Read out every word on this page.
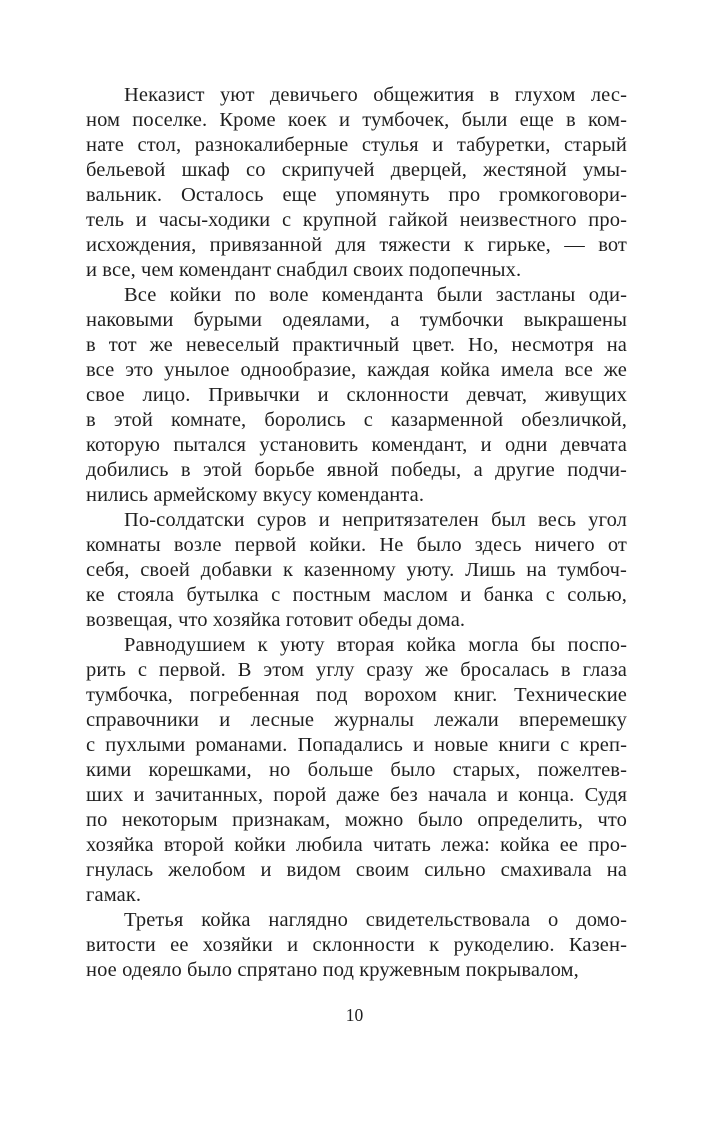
Неказист уют девичьего общежития в глухом лес-
ном поселке. Кроме коек и тумбочек, были еще в ком-
нате стол, разнокалиберные стулья и табуретки, старый
бельевой шкаф со скрипучей дверцей, жестяной умы-
вальник. Осталось еще упомянуть про громкоговори-
тель и часы-ходики с крупной гайкой неизвестного про-
исхождения, привязанной для тяжести к гирьке, — вот
и все, чем комендант снабдил своих подопечных.
Все койки по воле коменданта были застланы оди-
наковыми бурыми одеялами, а тумбочки выкрашены
в тот же невеселый практичный цвет. Но, несмотря на
все это унылое однообразие, каждая койка имела все же
свое лицо. Привычки и склонности девчат, живущих
в этой комнате, боролись с казарменной обезличкой,
которую пытался установить комендант, и одни девчата
добились в этой борьбе явной победы, а другие подчи-
нились армейскому вкусу коменданта.
По-солдатски суров и непритязателен был весь угол
комнаты возле первой койки. Не было здесь ничего от
себя, своей добавки к казенному уюту. Лишь на тумбоч-
ке стояла бутылка с постным маслом и банка с солью,
возвещая, что хозяйка готовит обеды дома.
Равнодушием к уюту вторая койка могла бы поспо-
рить с первой. В этом углу сразу же бросалась в глаза
тумбочка, погребенная под ворохом книг. Технические
справочники и лесные журналы лежали вперемешку
с пухлыми романами. Попадались и новые книги с креп-
кими корешками, но больше было старых, пожелтев-
ших и зачитанных, порой даже без начала и конца. Судя
по некоторым признакам, можно было определить, что
хозяйка второй койки любила читать лежа: койка ее про-
гнулась желобом и видом своим сильно смахивала на
гамак.
Третья койка наглядно свидетельствовала о домо-
витости ее хозяйки и склонности к рукоделию. Казен-
ное одеяло было спрятано под кружевным покрывалом,
10
